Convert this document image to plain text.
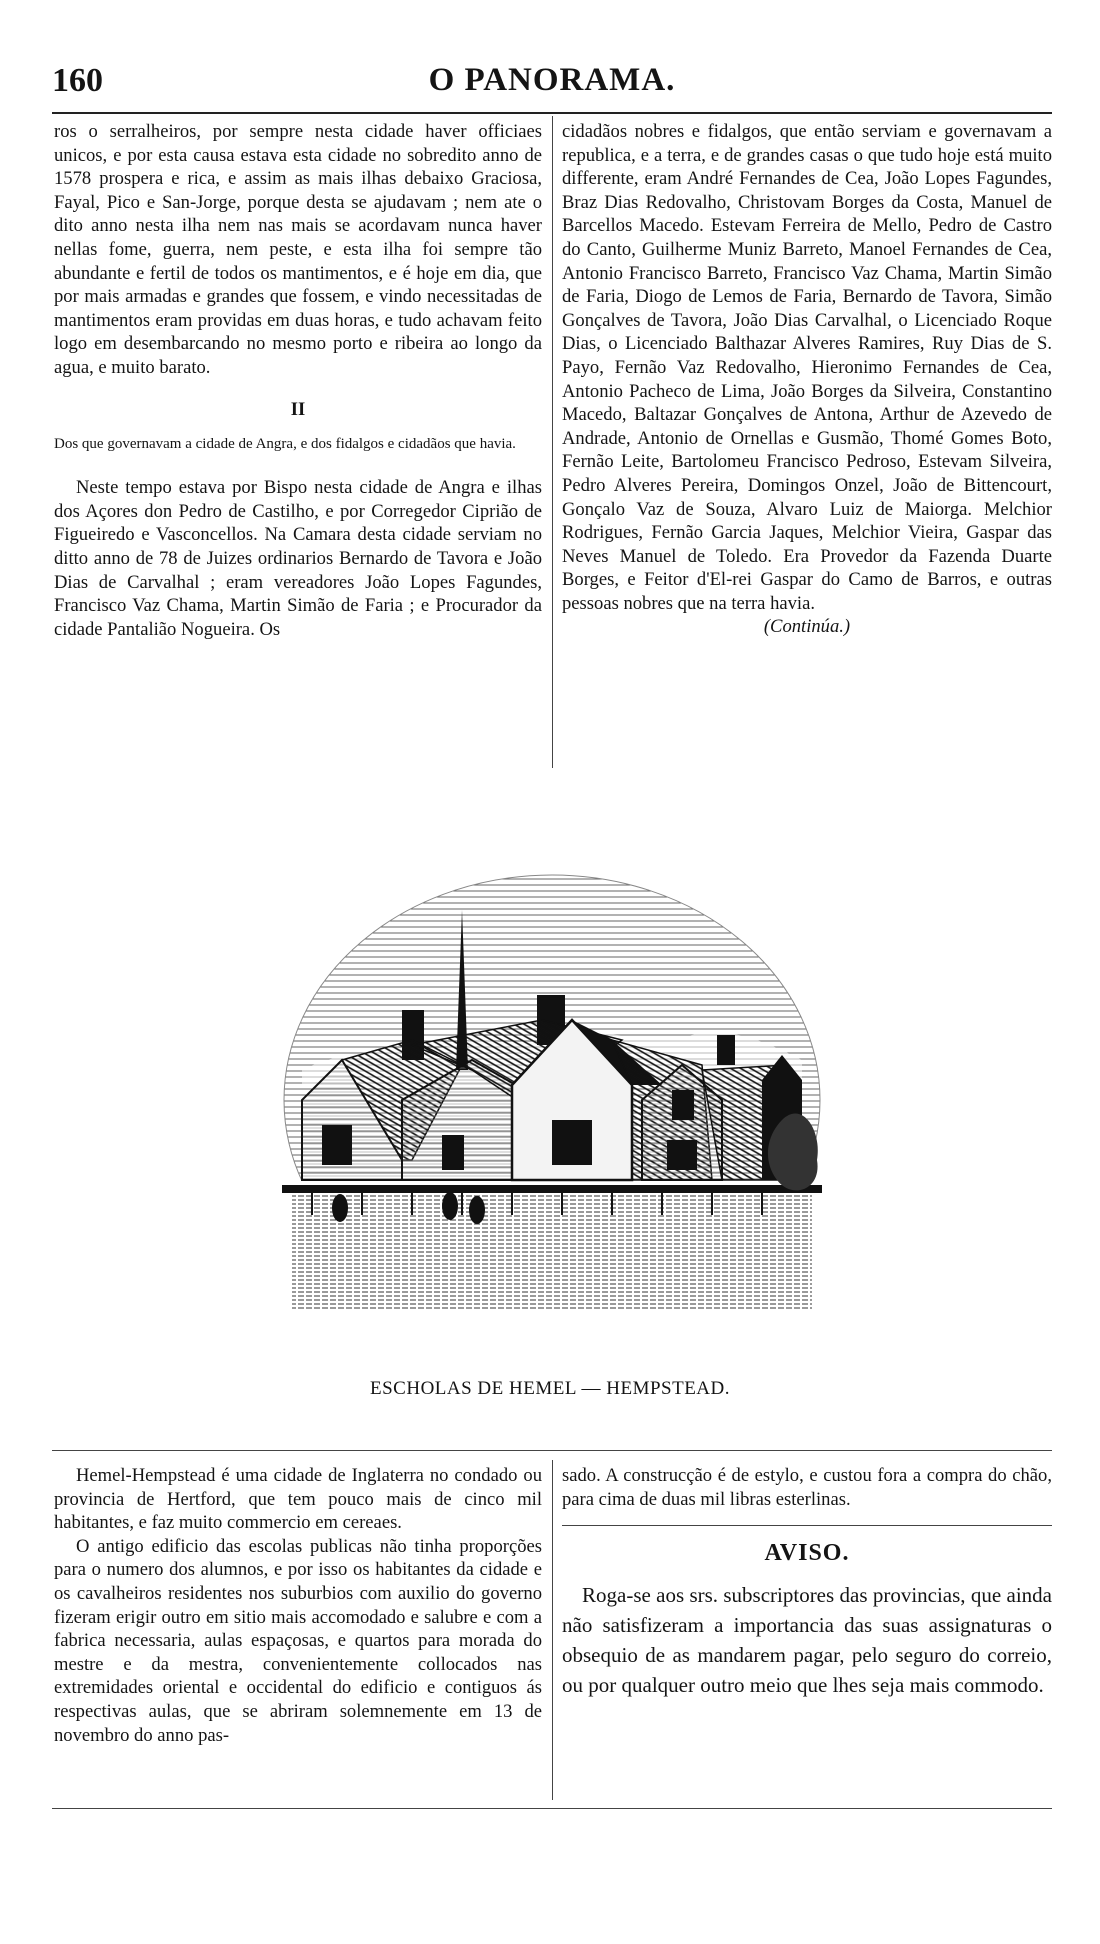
160	O PANORAMA.

ros o serralheiros, por sempre nesta cidade haver officiaes unicos, e por esta causa estava esta cidade no sobredito anno de 1578 prospera e rica, e assim as mais ilhas debaixo Graciosa, Fayal, Pico e San-Jorge, porque desta se ajudavam ; nem ate o dito anno nesta ilha nem nas mais se acordavam nunca haver nellas fome, guerra, nem peste, e esta ilha foi sempre tão abundante e fertil de todos os mantimentos, e é hoje em dia, que por mais armadas e grandes que fossem, e vindo necessitadas de mantimentos eram providas em duas horas, e tudo achavam feito logo em desembarcando no mesmo porto e ribeira ao longo da agua, e muito barato.

II
Dos que governavam a cidade de Angra, e dos fidalgos e cidadãos que havia.

Neste tempo estava por Bispo nesta cidade de Angra e ilhas dos Açores don Pedro de Castilho, e por Corregedor Ciprião de Figueiredo e Vasconcellos. Na Camara desta cidade serviam no ditto anno de 78 de Juizes ordinarios Bernardo de Tavora e João Dias de Carvalhal ; eram vereadores João Lopes Fagundes, Francisco Vaz Chama, Martin Simão de Faria ; e Procurador da cidade Pantalião Nogueira. Os

cidadãos nobres e fidalgos, que então serviam e governavam a republica, e a terra, e de grandes casas o que tudo hoje está muito differente, eram André Fernandes de Cea, João Lopes Fagundes, Braz Dias Redovalho, Christovam Borges da Costa, Manuel de Barcellos Macedo. Estevam Ferreira de Mello, Pedro de Castro do Canto, Guilherme Muniz Barreto, Manoel Fernandes de Cea, Antonio Francisco Barreto, Francisco Vaz Chama, Martin Simão de Faria, Diogo de Lemos de Faria, Bernardo de Tavora, Simão Gonçalves de Tavora, João Dias Carvalhal, o Licenciado Roque Dias, o Licenciado Balthazar Alveres Ramires, Ruy Dias de S. Payo, Fernão Vaz Redovalho, Hieronimo Fernandes de Cea, Antonio Pacheco de Lima, João Borges da Silveira, Constantino Macedo, Baltazar Gonçalves de Antona, Arthur de Azevedo de Andrade, Antonio de Ornellas e Gusmão, Thomé Gomes Boto, Fernão Leite, Bartolomeu Francisco Pedroso, Estevam Silveira, Pedro Alveres Pereira, Domingos Onzel, João de Bittencourt, Gonçalo Vaz de Souza, Alvaro Luiz de Maiorga. Melchior Rodrigues, Fernão Garcia Jaques, Melchior Vieira, Gaspar das Neves Manuel de Toledo. Era Provedor da Fazenda Duarte Borges, e Feitor d'El-rei Gaspar do Camo de Barros, e outras pessoas nobres que na terra havia.

(Continúa.)
ESCHOLAS DE HEMEL — HEMPSTEAD.

Hemel-Hempstead é uma cidade de Inglaterra no condado ou provincia de Hertford, que tem pouco mais de cinco mil habitantes, e faz muito commercio em cereaes.

O antigo edificio das escolas publicas não tinha proporções para o numero dos alumnos, e por isso os habitantes da cidade e os cavalheiros residentes nos suburbios com auxilio do governo fizeram erigir outro em sitio mais accomodado e salubre e com a fabrica necessaria, aulas espaçosas, e quartos para morada do mestre e da mestra, convenientemente collocados nas extremidades oriental e occidental do edificio e contiguos ás respectivas aulas, que se abriram solemnemente em 13 de novembro do anno pas-

sado. A construcção é de estylo, e custou fora a compra do chão, para cima de duas mil libras esterlinas.

AVISO.

Roga-se aos srs. subscriptores das provincias, que ainda não satisfizeram a importancia das suas assignaturas o obsequio de as mandarem pagar, pelo seguro do correio, ou por qualquer outro meio que lhes seja mais commodo.
